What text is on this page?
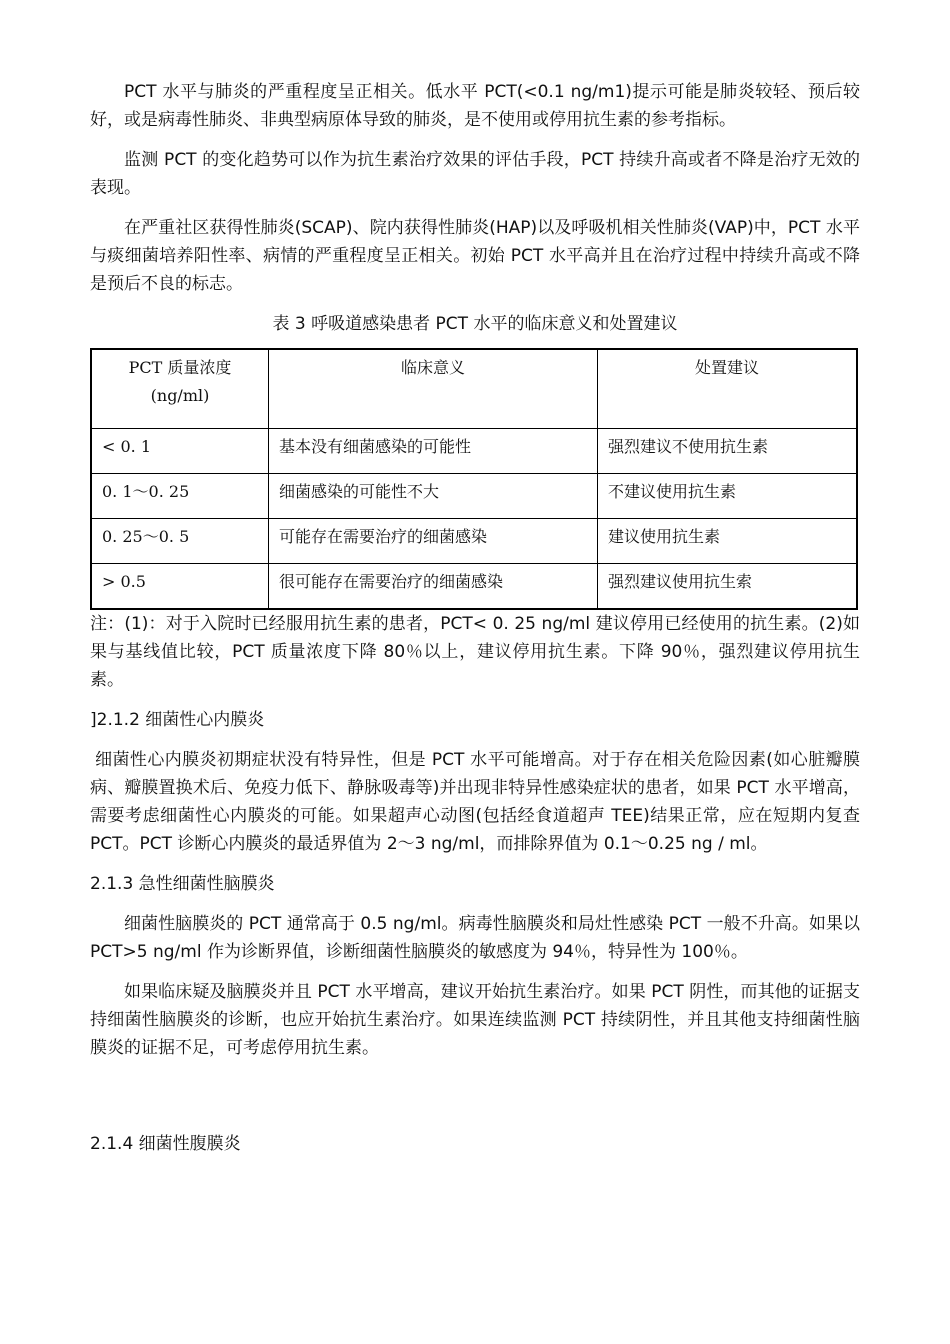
PCT 水平与肺炎的严重程度呈正相关。低水平 PCT(<0.1 ng/m1)提示可能是肺炎较轻、预后较好，或是病毒性肺炎、非典型病原体导致的肺炎，是不使用或停用抗生素的参考指标。

监测 PCT 的变化趋势可以作为抗生素治疗效果的评估手段，PCT 持续升高或者不降是治疗无效的表现。

在严重社区获得性肺炎(SCAP)、院内获得性肺炎(HAP)以及呼吸机相关性肺炎(VAP)中，PCT 水平与痰细菌培养阳性率、病情的严重程度呈正相关。初始 PCT 水平高并且在治疗过程中持续升高或不降是预后不良的标志。

表 3 呼吸道感染患者 PCT 水平的临床意义和处置建议
PCT 质量浓度
(ng/ml)	临床意义	处置建议
< 0. 1	基本没有细菌感染的可能性	强烈建议不使用抗生素
0. 1～0. 25	细菌感染的可能性不大	不建议使用抗生素
0. 25～0. 5	可能存在需要治疗的细菌感染	建议使用抗生素
> 0.5	很可能存在需要治疗的细菌感染	强烈建议使用抗生索

注：(1)：对于入院时已经服用抗生素的患者，PCT< 0. 25 ng/ml 建议停用已经使用的抗生素。(2)如果与基线值比较，PCT 质量浓度下降 80％以上，建议停用抗生素。下降 90％，强烈建议停用抗生素。

]2.1.2 细菌性心内膜炎

细菌性心内膜炎初期症状没有特异性，但是 PCT 水平可能增高。对于存在相关危险因素(如心脏瓣膜病、瓣膜置换术后、免疫力低下、静脉吸毒等)并出现非特异性感染症状的患者，如果 PCT 水平增高，需要考虑细菌性心内膜炎的可能。如果超声心动图(包括经食道超声 TEE)结果正常，应在短期内复查 PCT。PCT 诊断心内膜炎的最适界值为 2～3 ng/ml，而排除界值为 0.1～0.25 ng / ml。

2.1.3 急性细菌性脑膜炎

细菌性脑膜炎的 PCT 通常高于 0.5 ng/ml。病毒性脑膜炎和局灶性感染 PCT 一般不升高。如果以 PCT>5 ng/ml 作为诊断界值，诊断细菌性脑膜炎的敏感度为 94％，特异性为 100％。

如果临床疑及脑膜炎并且 PCT 水平增高，建议开始抗生素治疗。如果 PCT 阴性，而其他的证据支持细菌性脑膜炎的诊断，也应开始抗生素治疗。如果连续监测 PCT 持续阴性，并且其他支持细菌性脑膜炎的证据不足，可考虑停用抗生素。

2.1.4 细菌性腹膜炎
